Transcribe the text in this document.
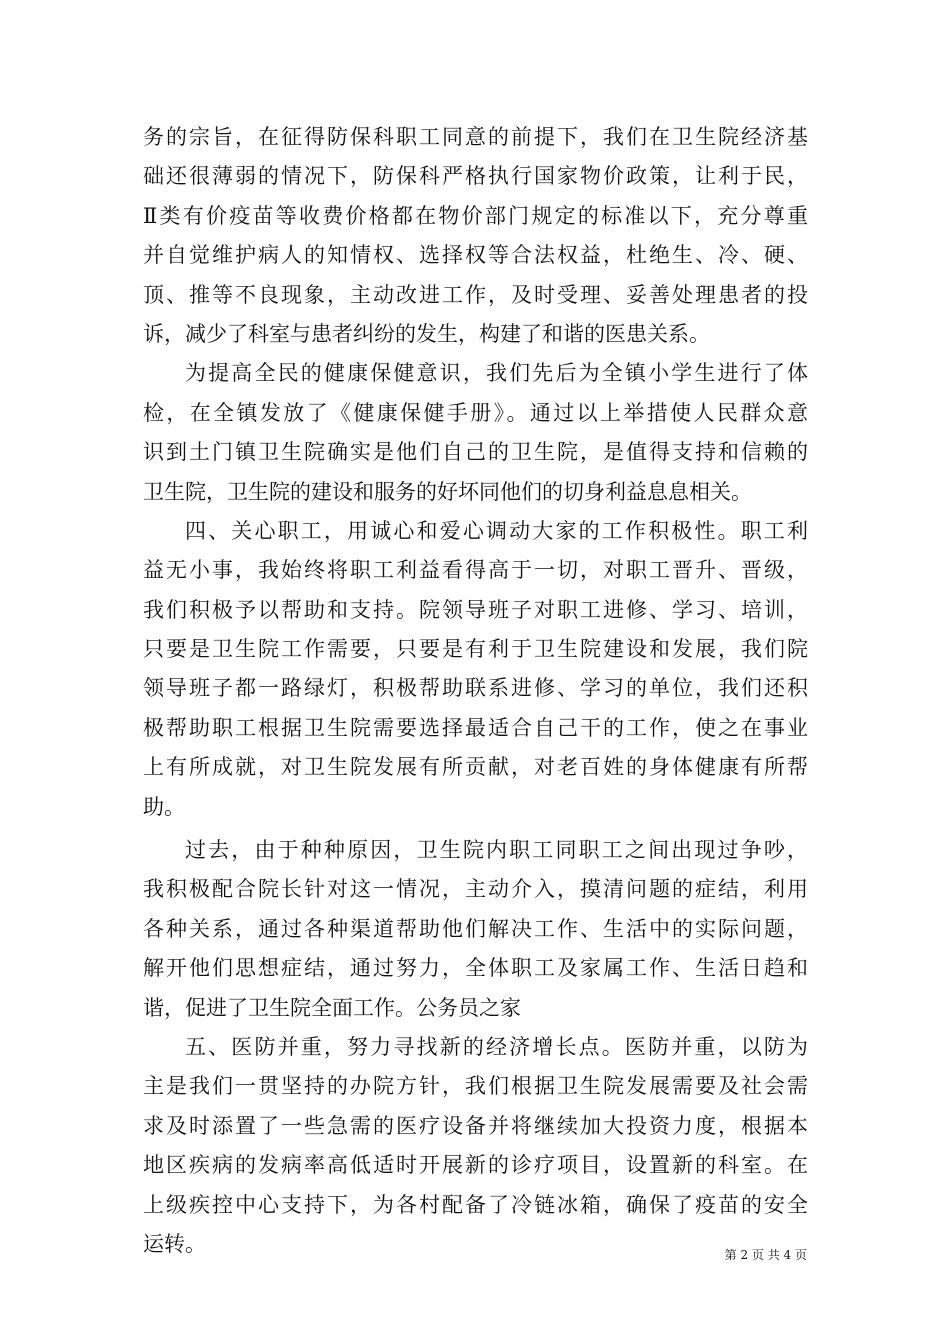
务的宗旨，在征得防保科职工同意的前提下，我们在卫生院经济基
础还很薄弱的情况下，防保科严格执行国家物价政策，让利于民，
Ⅱ类有价疫苗等收费价格都在物价部门规定的标准以下，充分尊重
并自觉维护病人的知情权、选择权等合法权益，杜绝生、冷、硬、
顶、推等不良现象，主动改进工作，及时受理、妥善处理患者的投
诉，减少了科室与患者纠纷的发生，构建了和谐的医患关系。
为提高全民的健康保健意识，我们先后为全镇小学生进行了体
检，在全镇发放了《健康保健手册》。通过以上举措使人民群众意
识到土门镇卫生院确实是他们自己的卫生院，是值得支持和信赖的
卫生院，卫生院的建设和服务的好坏同他们的切身利益息息相关。
四、关心职工，用诚心和爱心调动大家的工作积极性。职工利
益无小事，我始终将职工利益看得高于一切，对职工晋升、晋级，
我们积极予以帮助和支持。院领导班子对职工进修、学习、培训，
只要是卫生院工作需要，只要是有利于卫生院建设和发展，我们院
领导班子都一路绿灯，积极帮助联系进修、学习的单位，我们还积
极帮助职工根据卫生院需要选择最适合自己干的工作，使之在事业
上有所成就，对卫生院发展有所贡献，对老百姓的身体健康有所帮
助。
过去，由于种种原因，卫生院内职工同职工之间出现过争吵，
我积极配合院长针对这一情况，主动介入，摸清问题的症结，利用
各种关系，通过各种渠道帮助他们解决工作、生活中的实际问题，
解开他们思想症结，通过努力，全体职工及家属工作、生活日趋和
谐，促进了卫生院全面工作。公务员之家
五、医防并重，努力寻找新的经济增长点。医防并重，以防为
主是我们一贯坚持的办院方针，我们根据卫生院发展需要及社会需
求及时添置了一些急需的医疗设备并将继续加大投资力度，根据本
地区疾病的发病率高低适时开展新的诊疗项目，设置新的科室。在
上级疾控中心支持下，为各村配备了冷链冰箱，确保了疫苗的安全
运转。	第 2 页 共 4 页
